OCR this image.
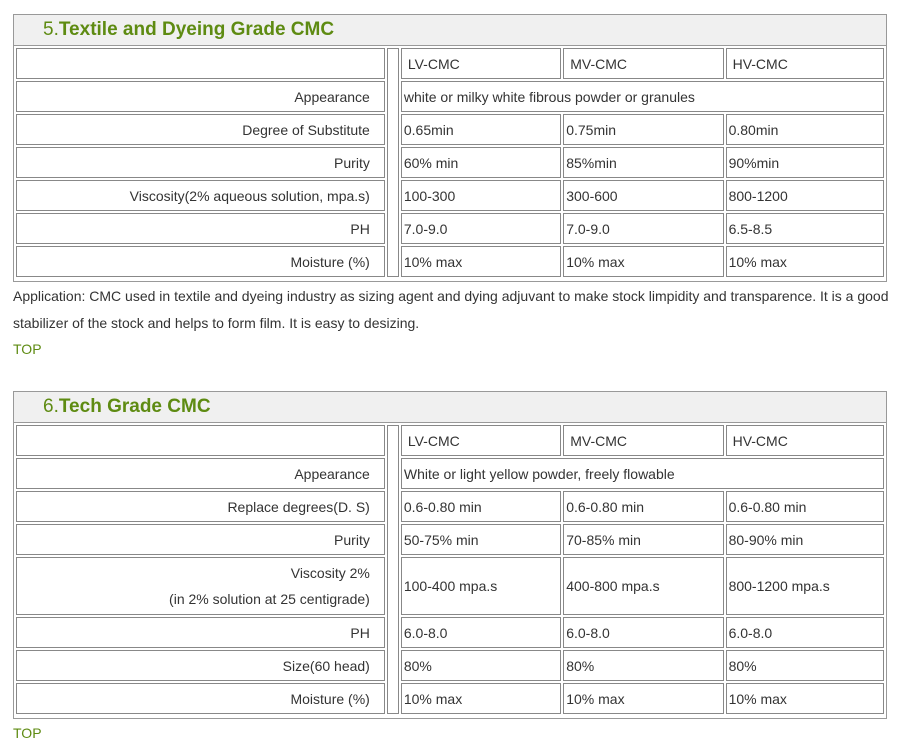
5.Textile and Dyeing Grade CMC
		LV-CMC	MV-CMC	HV-CMC
Appearance		white or milky white fibrous powder or granules		
Degree of Substitute		0.65min	0.75min	0.80min
Purity		60% min	85%min	90%min
Viscosity(2% aqueous solution, mpa.s)		100-300	300-600	800-1200
PH		7.0-9.0	7.0-9.0	6.5-8.5
Moisture (%)		10% max	10% max	10% max
Application: CMC used in textile and dyeing industry as sizing agent and dying adjuvant to make stock limpidity and transparence. It is a good stabilizer of the stock and helps to form film. It is easy to desizing.
TOP
6.Tech Grade CMC
		LV-CMC	MV-CMC	HV-CMC
Appearance		White or light yellow powder, freely flowable		
Replace degrees(D. S)		0.6-0.80 min	0.6-0.80 min	0.6-0.80 min
Purity		50-75% min	70-85% min	80-90% min

Viscosity 2%
(in 2% solution at 25 centigrade)		100-400 mpa.s	400-800 mpa.s	800-1200 mpa.s
PH		6.0-8.0	6.0-8.0	6.0-8.0
Size(60 head)		80%	80%	80%
Moisture (%)		10% max	10% max	10% max
TOP
